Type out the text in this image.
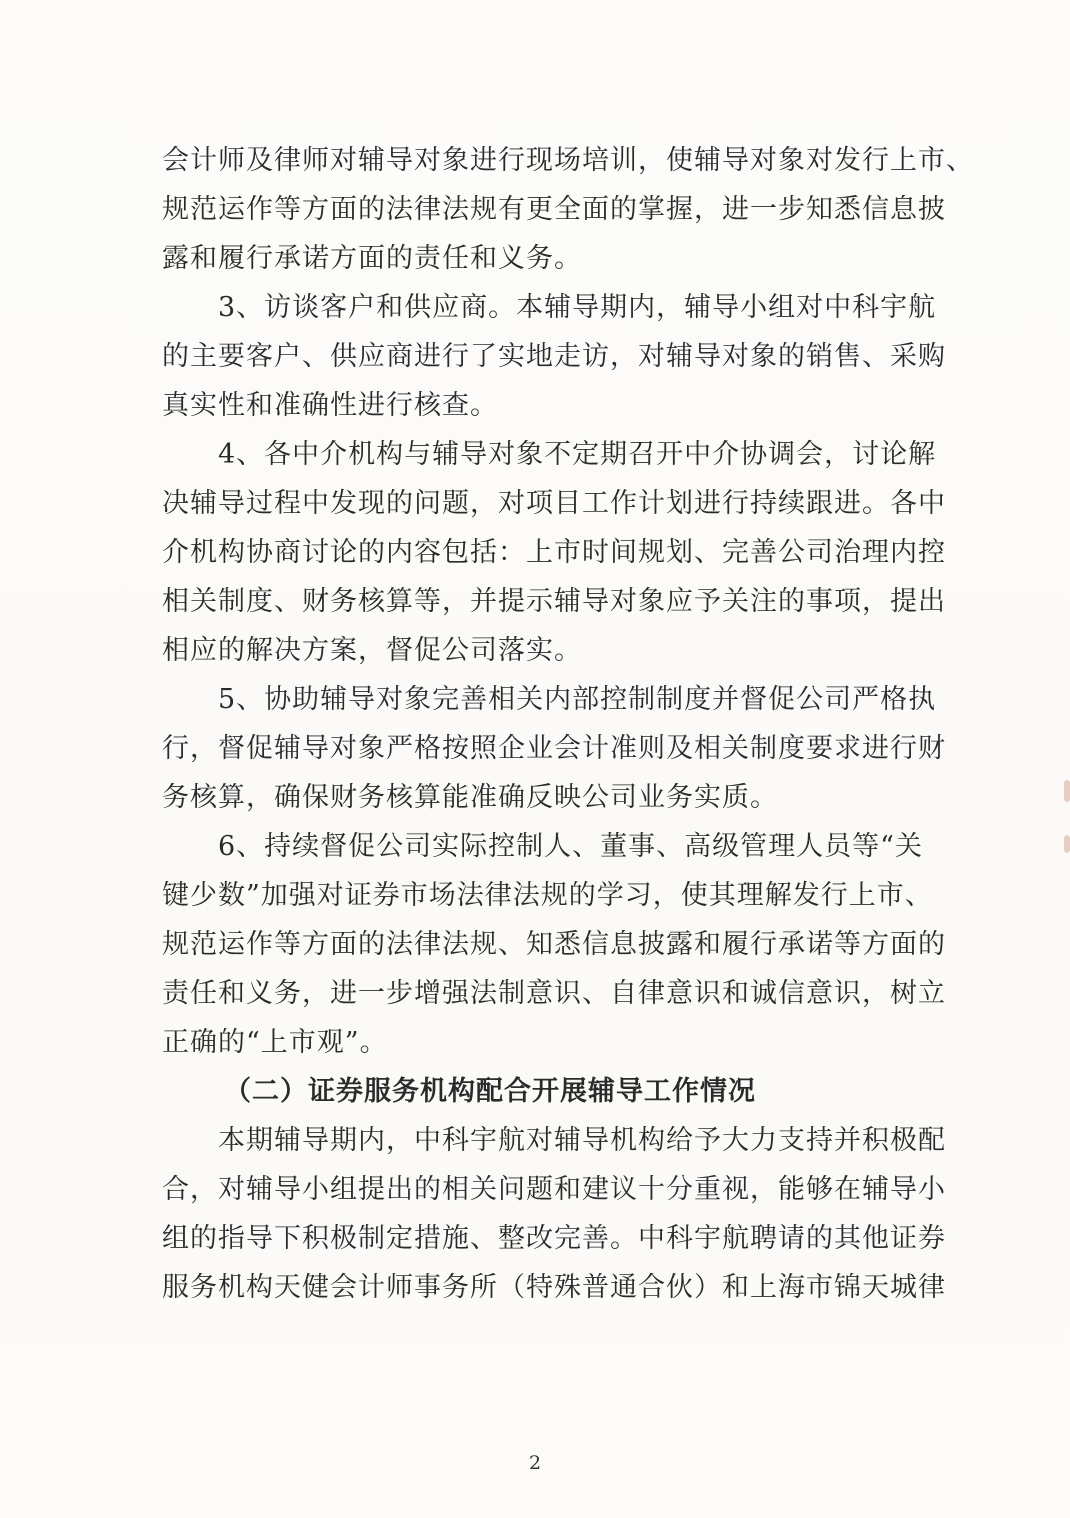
会计师及律师对辅导对象进行现场培训，使辅导对象对发行上市、
规范运作等方面的法律法规有更全面的掌握，进一步知悉信息披
露和履行承诺方面的责任和义务。
3、访谈客户和供应商。本辅导期内，辅导小组对中科宇航
的主要客户、供应商进行了实地走访，对辅导对象的销售、采购
真实性和准确性进行核查。
4、各中介机构与辅导对象不定期召开中介协调会，讨论解
决辅导过程中发现的问题，对项目工作计划进行持续跟进。各中
介机构协商讨论的内容包括：上市时间规划、完善公司治理内控
相关制度、财务核算等，并提示辅导对象应予关注的事项，提出
相应的解决方案，督促公司落实。
5、协助辅导对象完善相关内部控制制度并督促公司严格执
行，督促辅导对象严格按照企业会计准则及相关制度要求进行财
务核算，确保财务核算能准确反映公司业务实质。
6、持续督促公司实际控制人、董事、高级管理人员等“关
键少数”加强对证券市场法律法规的学习，使其理解发行上市、
规范运作等方面的法律法规、知悉信息披露和履行承诺等方面的
责任和义务，进一步增强法制意识、自律意识和诚信意识，树立
正确的“上市观”。
（二）证券服务机构配合开展辅导工作情况
本期辅导期内，中科宇航对辅导机构给予大力支持并积极配
合，对辅导小组提出的相关问题和建议十分重视，能够在辅导小
组的指导下积极制定措施、整改完善。中科宇航聘请的其他证券
服务机构天健会计师事务所（特殊普通合伙）和上海市锦天城律
2
